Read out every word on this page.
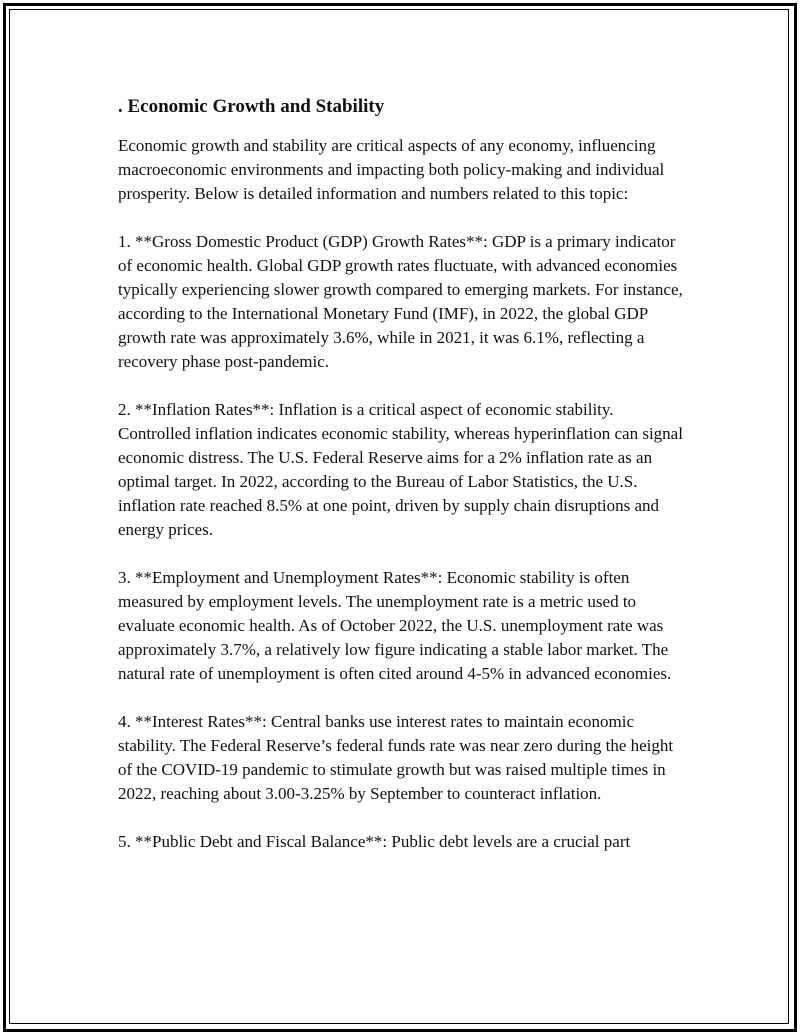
. Economic Growth and Stability

Economic growth and stability are critical aspects of any economy, influencing macroeconomic environments and impacting both policy-making and individual prosperity. Below is detailed information and numbers related to this topic:

1. **Gross Domestic Product (GDP) Growth Rates**: GDP is a primary indicator of economic health. Global GDP growth rates fluctuate, with advanced economies typically experiencing slower growth compared to emerging markets. For instance, according to the International Monetary Fund (IMF), in 2022, the global GDP growth rate was approximately 3.6%, while in 2021, it was 6.1%, reflecting a recovery phase post-pandemic.

2. **Inflation Rates**: Inflation is a critical aspect of economic stability. Controlled inflation indicates economic stability, whereas hyperinflation can signal economic distress. The U.S. Federal Reserve aims for a 2% inflation rate as an optimal target. In 2022, according to the Bureau of Labor Statistics, the U.S. inflation rate reached 8.5% at one point, driven by supply chain disruptions and energy prices.

3. **Employment and Unemployment Rates**: Economic stability is often measured by employment levels. The unemployment rate is a metric used to evaluate economic health. As of October 2022, the U.S. unemployment rate was approximately 3.7%, a relatively low figure indicating a stable labor market. The natural rate of unemployment is often cited around 4-5% in advanced economies.

4. **Interest Rates**: Central banks use interest rates to maintain economic stability. The Federal Reserve’s federal funds rate was near zero during the height of the COVID-19 pandemic to stimulate growth but was raised multiple times in 2022, reaching about 3.00-3.25% by September to counteract inflation.

5. **Public Debt and Fiscal Balance**: Public debt levels are a crucial part
